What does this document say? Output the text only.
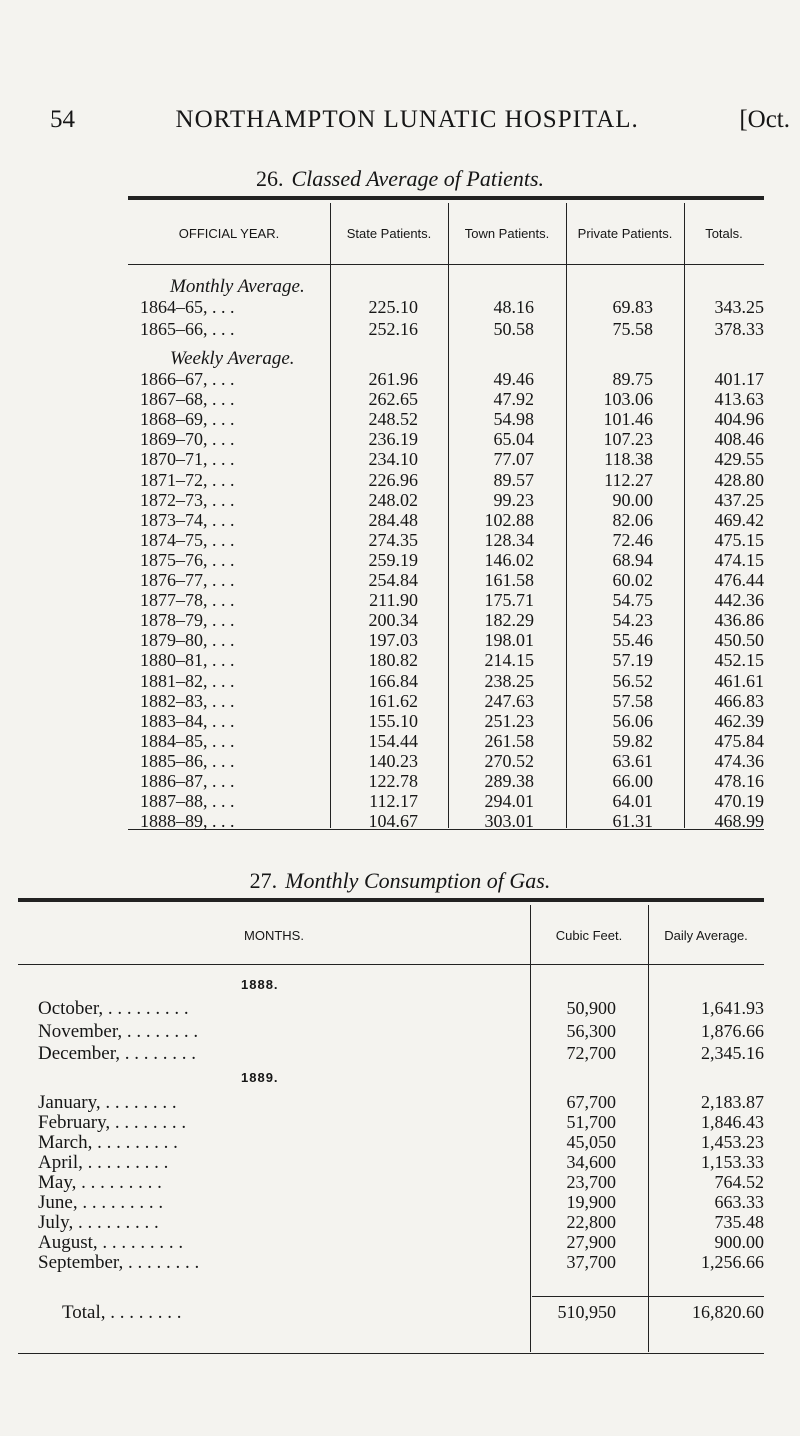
54	NORTHAMPTON LUNATIC HOSPITAL.	[Oct.
26. Classed Average of Patients.
OFFICIAL YEAR.	State Patients.	Town Patients.	Private Patients.	Totals.
Monthly Average.
1864–65, . . .	225.10	48.16	69.83	343.25
1865–66, . . .	252.16	50.58	75.58	378.33
Weekly Average.
1866–67, . . .	261.96	49.46	89.75	401.17
1867–68, . . .	262.65	47.92	103.06	413.63
1868–69, . . .	248.52	54.98	101.46	404.96
1869–70, . . .	236.19	65.04	107.23	408.46
1870–71, . . .	234.10	77.07	118.38	429.55
1871–72, . . .	226.96	89.57	112.27	428.80
1872–73, . . .	248.02	99.23	90.00	437.25
1873–74, . . .	284.48	102.88	82.06	469.42
1874–75, . . .	274.35	128.34	72.46	475.15
1875–76, . . .	259.19	146.02	68.94	474.15
1876–77, . . .	254.84	161.58	60.02	476.44
1877–78, . . .	211.90	175.71	54.75	442.36
1878–79, . . .	200.34	182.29	54.23	436.86
1879–80, . . .	197.03	198.01	55.46	450.50
1880–81, . . .	180.82	214.15	57.19	452.15
1881–82, . . .	166.84	238.25	56.52	461.61
1882–83, . . .	161.62	247.63	57.58	466.83
1883–84, . . .	155.10	251.23	56.06	462.39
1884–85, . . .	154.44	261.58	59.82	475.84
1885–86, . . .	140.23	270.52	63.61	474.36
1886–87, . . .	122.78	289.38	66.00	478.16
1887–88, . . .	112.17	294.01	64.01	470.19
1888–89, . . .	104.67	303.01	61.31	468.99
27. Monthly Consumption of Gas.
MONTHS.	Cubic Feet.	Daily Average.
1888.
October, . . . . . . . . .	50,900	1,641.93
November, . . . . . . . .	56,300	1,876.66
December, . . . . . . . .	72,700	2,345.16
1889.
January, . . . . . . . .	67,700	2,183.87
February, . . . . . . . .	51,700	1,846.43
March, . . . . . . . . .	45,050	1,453.23
April, . . . . . . . . .	34,600	1,153.33
May, . . . . . . . . .	23,700	764.52
June, . . . . . . . . .	19,900	663.33
July, . . . . . . . . .	22,800	735.48
August, . . . . . . . . .	27,900	900.00
September, . . . . . . . .	37,700	1,256.66
Total, . . . . . . . .	510,950	16,820.60
